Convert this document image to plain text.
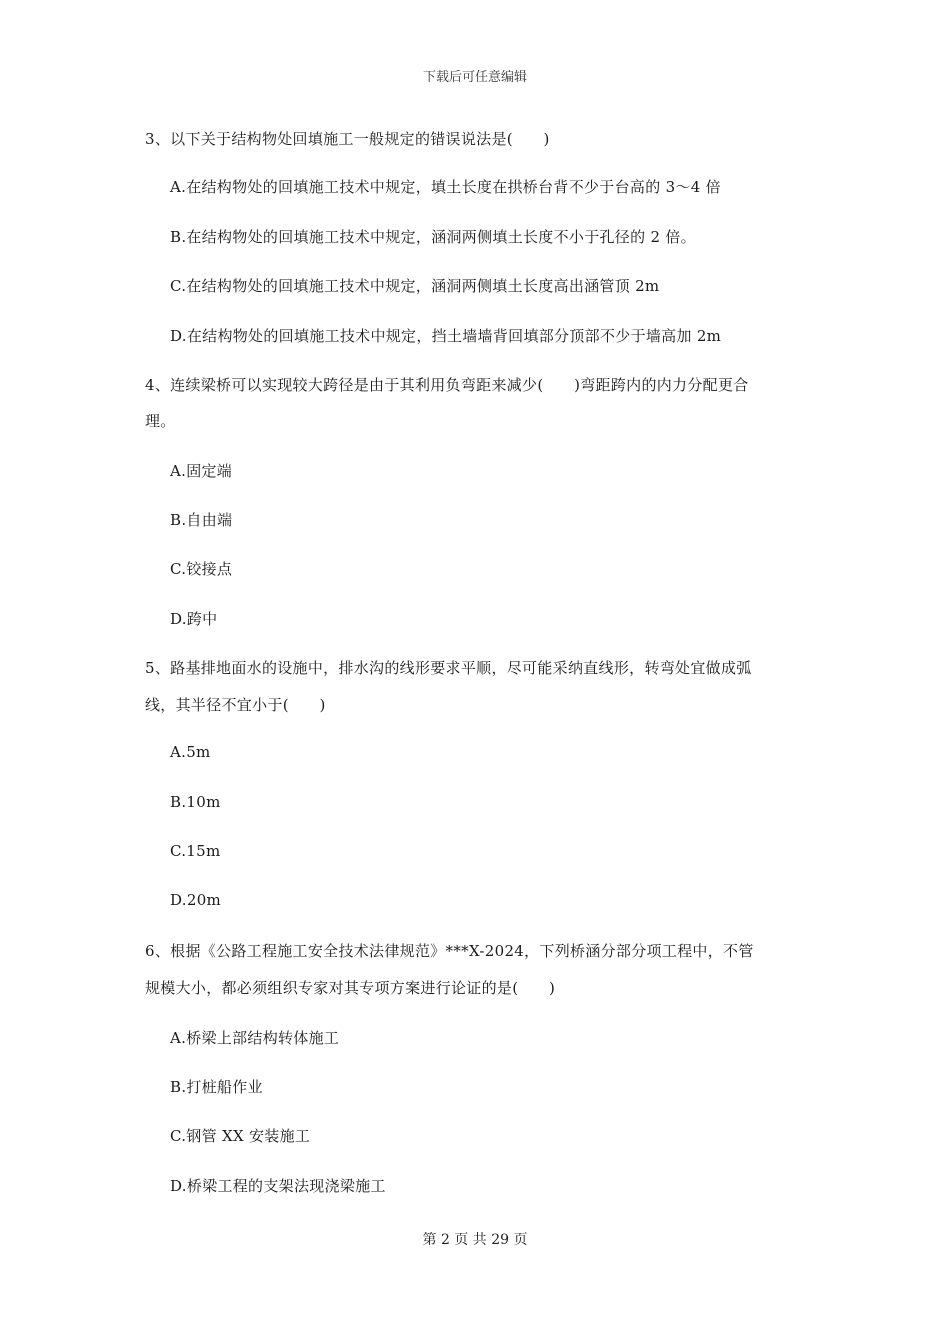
下载后可任意编辑
3、以下关于结构物处回填施工一般规定的错误说法是(　　)
A.在结构物处的回填施工技术中规定，填土长度在拱桥台背不少于台高的 3～4 倍
B.在结构物处的回填施工技术中规定，涵洞两侧填土长度不小于孔径的 2 倍。
C.在结构物处的回填施工技术中规定，涵洞两侧填土长度高出涵管顶 2m
D.在结构物处的回填施工技术中规定，挡土墙墙背回填部分顶部不少于墙高加 2m
4、连续梁桥可以实现较大跨径是由于其利用负弯距来减少(　　)弯距跨内的内力分配更合
理。
A.固定端
B.自由端
C.铰接点
D.跨中
5、路基排地面水的设施中，排水沟的线形要求平顺，尽可能采纳直线形，转弯处宜做成弧
线，其半径不宜小于(　　)
A.5m
B.10m
C.15m
D.20m
6、根据《公路工程施工安全技术法律规范》***X-2024，下列桥涵分部分项工程中，不管
规模大小，都必须组织专家对其专项方案进行论证的是(　　)
A.桥梁上部结构转体施工
B.打桩船作业
C.钢管 XX 安装施工
D.桥梁工程的支架法现浇梁施工
第 2 页 共 29 页
